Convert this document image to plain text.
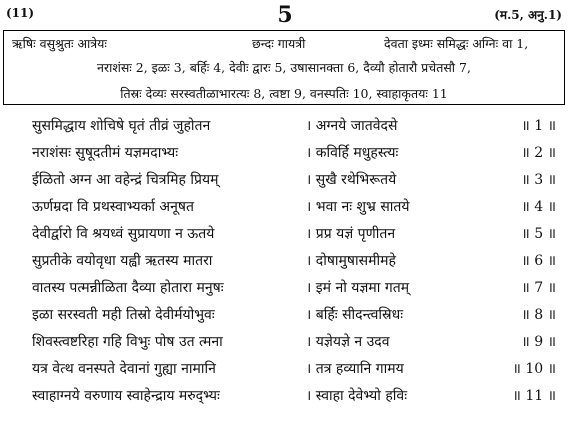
(11)	5	(म.5, अनु.1)
ऋषिः वसुश्रुतः आत्रेयः	छन्दः गायत्री	देवता इध्मः समिद्धः अग्निः वा 1,
नराशंसः 2, इळः 3, बर्हिः 4, देवीः द्वारः 5, उषासानक्ता 6, दैव्यौ होतारौ प्रचेतसौ 7,
तिस्रः देव्यः सरस्वतीळाभारत्यः 8, त्वष्टा 9, वनस्पतिः 10, स्वाहाकृतयः 11
सुसमिद्धाय शोचिषे घृतं तीव्रं जुहोतन	। अग्नये जातवेदसे	॥ 1 ॥
नराशंसः सुषूदतीमं यज्ञमदाभ्यः	। कविर्हि मधुहस्त्यः	॥ 2 ॥
ईळितो अग्न आ वहेन्द्रं चित्रमिह प्रियम्	। सुखै रथेभिरूतये	॥ 3 ॥
ऊर्णम्रदा वि प्रथस्वाभ्यर्का अनूषत	। भवा नः शुभ्र सातये	॥ 4 ॥
देवीर्द्वारो वि श्रयध्वं सुप्रायणा न ऊतये	। प्रप्र यज्ञं पृणीतन	॥ 5 ॥
सुप्रतीके वयोवृधा यह्वी ऋतस्य मातरा	। दोषामुषासमीमहे	॥ 6 ॥
वातस्य पत्मन्नीळिता दैव्या होतारा मनुषः	। इमं नो यज्ञमा गतम्	॥ 7 ॥
इळा सरस्वती मही तिस्रो देवीर्मयोभुवः	। बर्हिः सीदन्त्वस्रिधः	॥ 8 ॥
शिवस्त्वष्टरिहा गहि विभुः पोष उत त्मना	। यज्ञेयज्ञे न उदव	॥ 9 ॥
यत्र वेत्थ वनस्पते देवानां गुह्या नामानि	। तत्र हव्यानि गामय	॥ 10 ॥
स्वाहाग्नये वरुणाय स्वाहेन्द्राय मरुद्भ्यः	। स्वाहा देवेभ्यो हविः	॥ 11 ॥
